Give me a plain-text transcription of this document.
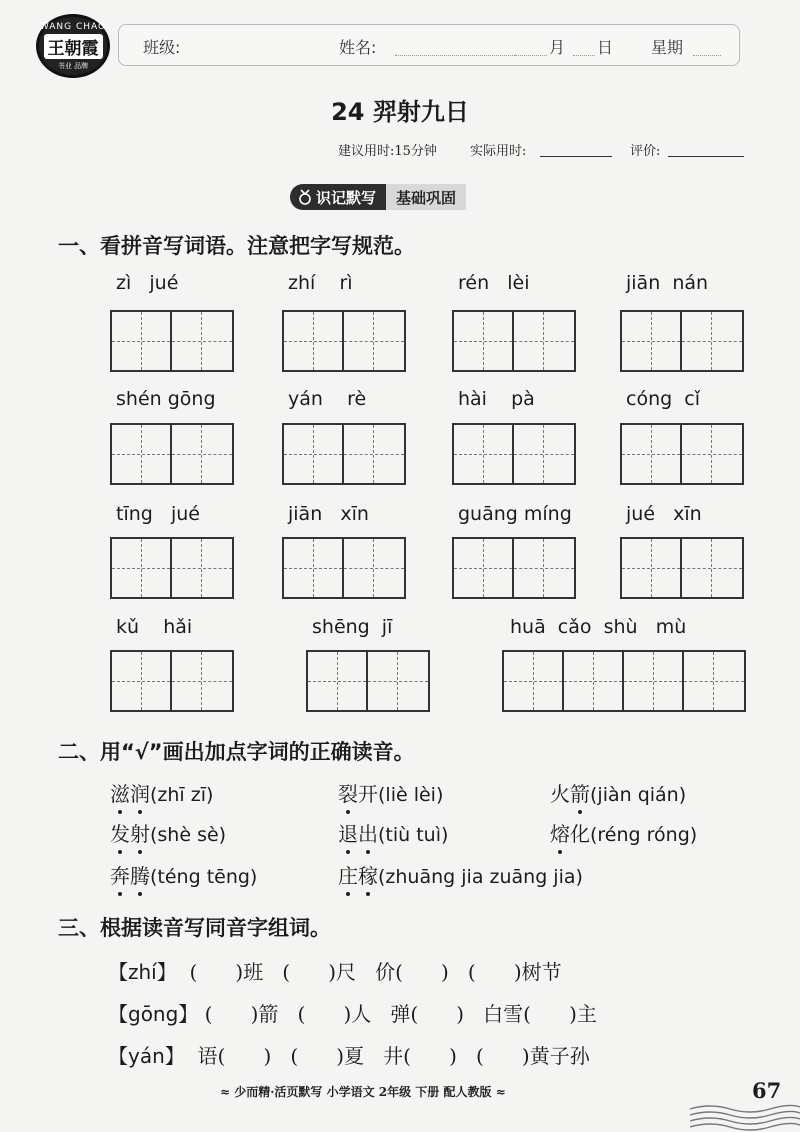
WANG CHAO
王朝霞
书业 品牌
班级:	姓名:	月 日 星期
24 羿射九日
建议用时:15分钟	实际用时:	评价:
识记默写	基础巩固
一、看拼音写词语。注意把字写规范。
zì   jué	zhí    rì	rén   lèi	jiān  nán
shén gōng	yán    rè	hài    pà	cóng  cǐ
tīng   jué	jiān   xīn	guāng míng	jué   xīn
kǔ    hǎi	shēng  jī	huā  cǎo  shù   mù
二、用“√”画出加点字词的正确读音。
滋润(zhī zī)	裂开(liè lèi)	火箭(jiàn qián)
发射(shè sè)	退出(tiù tuì)	熔化(réng róng)
奔腾(téng tēng)	庄稼(zhuāng jia zuāng jia)
三、根据读音写同音字组词。
【zhí】  (      )班   (      )尺   价(      )   (      )树节
【gōng】 (      )箭   (      )人   弹(      )   白雪(      )主
【yán】  语(      )   (      )夏   井(      )   (      )黄子孙
≈ 少而精·活页默写 小学语文 2年级 下册 配人教版 ≈	67
